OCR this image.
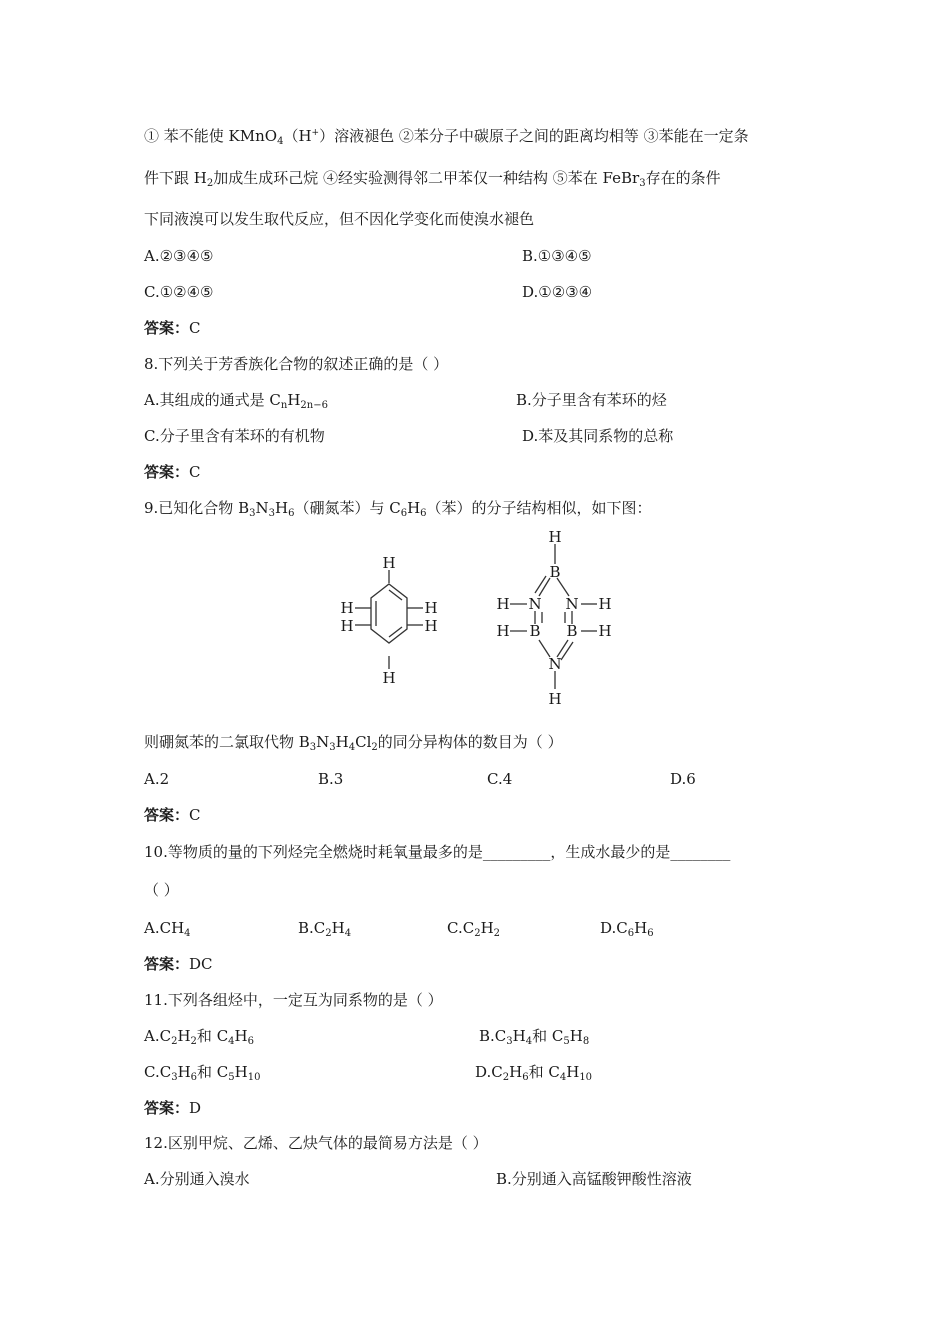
① 苯不能使 KMnO$_4$（H+）溶液褪色 ②苯分子中碳原子之间的距离均相等 ③苯能在一定条
件下跟 $H_2$加成生成环己烷 ④经实验测得邻二甲苯仅一种结构 ⑤苯在 FeBr$_3$存在的条件
下同液溴可以发生取代反应，但不因化学变化而使溴水褪色
A.②③④⑤	B.①③④⑤
C.①②④⑤	D.①②③④
答案：C
8.下列关于芳香族化合物的叙述正确的是（ ）
A.其组成的通式是 $C_nH_{2n-6}$	B.分子里含有苯环的烃
C.分子里含有苯环的有机物	D.苯及其同系物的总称
答案：C
9.已知化合物 $B_3N_3H_6$（硼氮苯）与 $C_6H_6$（苯）的分子结构相似，如下图：
H
H
H
H
H
H
H
B
H N N H
H B B H
N
H
则硼氮苯的二氯取代物 $B_3N_3H_4Cl_2$的同分异构体的数目为（ ）
A.2	B.3	C.4	D.6
答案：C
10.等物质的量的下列烃完全燃烧时耗氧量最多的是_________，生成水最少的是________
（ ）
$A.CH_4$	$B.C_2H_4$	$C.C_2H_2$	$D.C_6H_6$
答案：DC
11.下列各组烃中，一定互为同系物的是（ ）
$A.C_2H_2$和 $C_4H_6$	$B.C_3H_4$和 $C_5H_8$
$C.C_3H_6$和 $C_5H_{10}$	$D.C_2H_6$和 $C_4H_{10}$
答案：D
12.区别甲烷、乙烯、乙炔气体的最简易方法是（ ）
A.分别通入溴水	B.分别通入高锰酸钾酸性溶液
